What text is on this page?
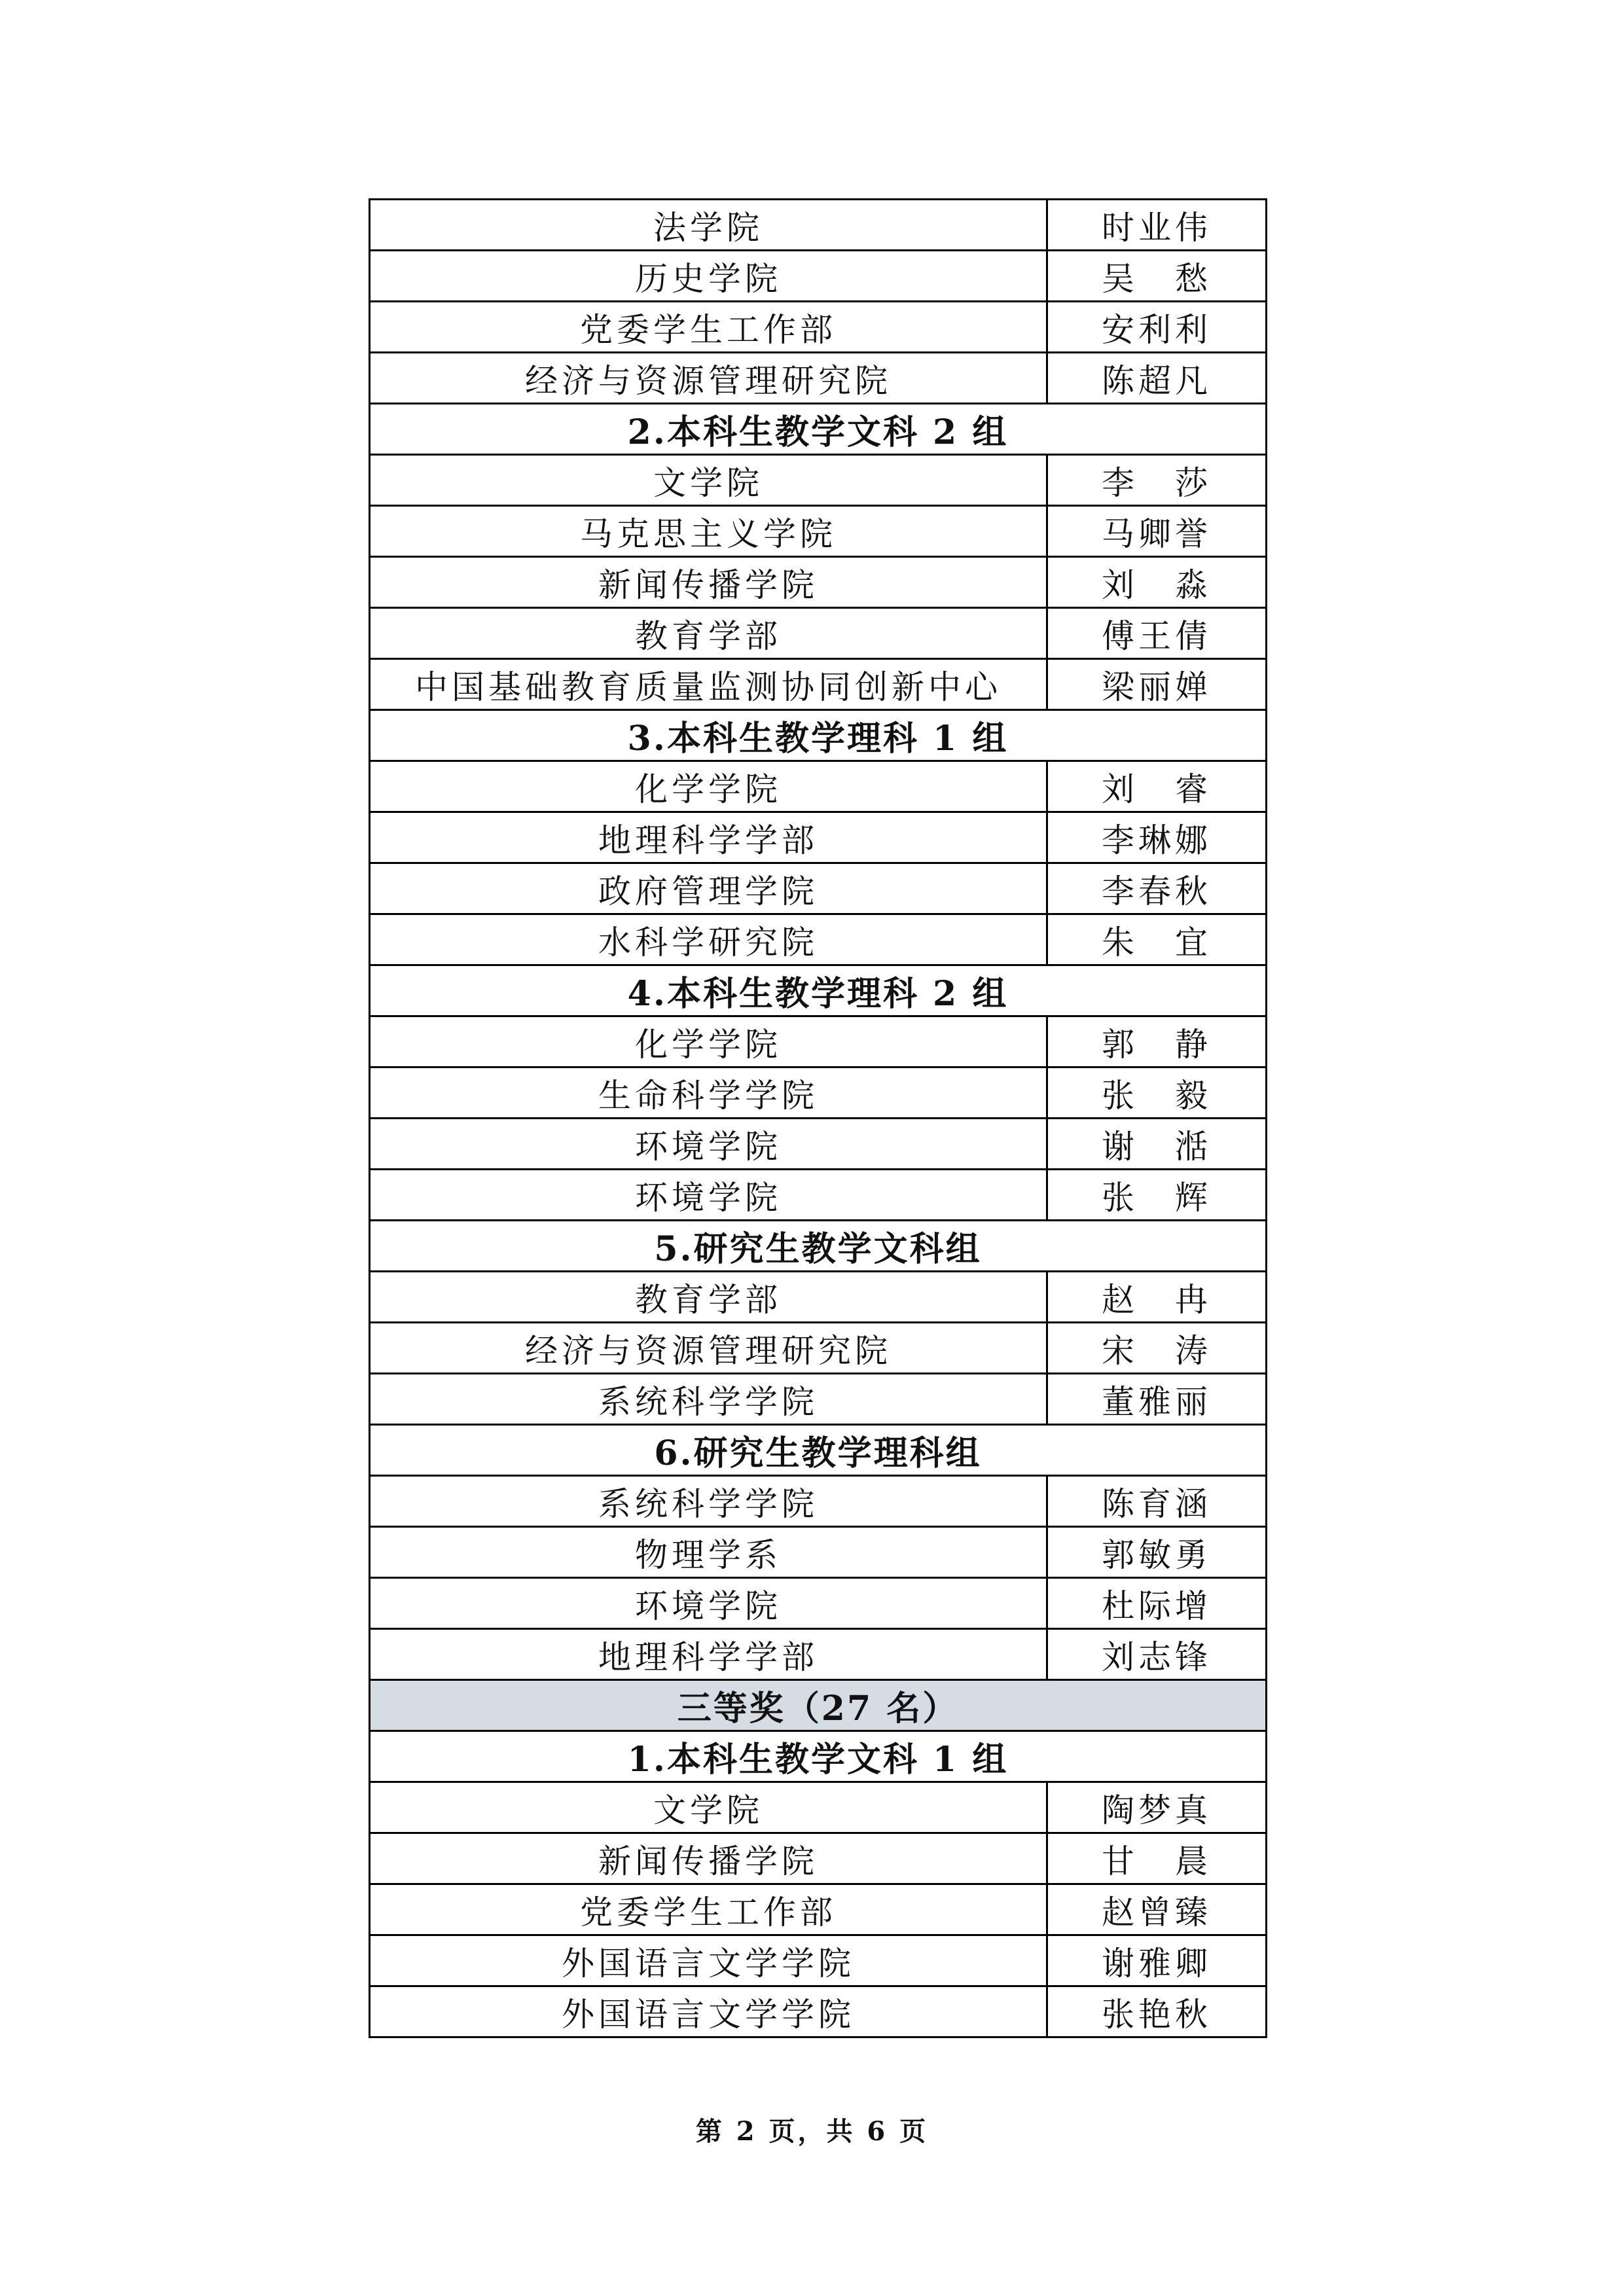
法学院	时业伟
历史学院	吴　愁
党委学生工作部	安利利
经济与资源管理研究院	陈超凡
2.本科生教学文科 2 组	
文学院	李　莎
马克思主义学院	马卿誉
新闻传播学院	刘　淼
教育学部	傅王倩
中国基础教育质量监测协同创新中心	梁丽婵
3.本科生教学理科 1 组	
化学学院	刘　睿
地理科学学部	李琳娜
政府管理学院	李春秋
水科学研究院	朱　宜
4.本科生教学理科 2 组	
化学学院	郭　静
生命科学学院	张　毅
环境学院	谢　湉
环境学院	张　辉
5.研究生教学文科组	
教育学部	赵　冉
经济与资源管理研究院	宋　涛
系统科学学院	董雅丽
6.研究生教学理科组	
系统科学学院	陈育涵
物理学系	郭敏勇
环境学院	杜际增
地理科学学部	刘志锋
三等奖（27 名）	
1.本科生教学文科 1 组	
文学院	陶梦真
新闻传播学院	甘　晨
党委学生工作部	赵曾臻
外国语言文学学院	谢雅卿
外国语言文学学院	张艳秋
第 2 页，共 6 页
